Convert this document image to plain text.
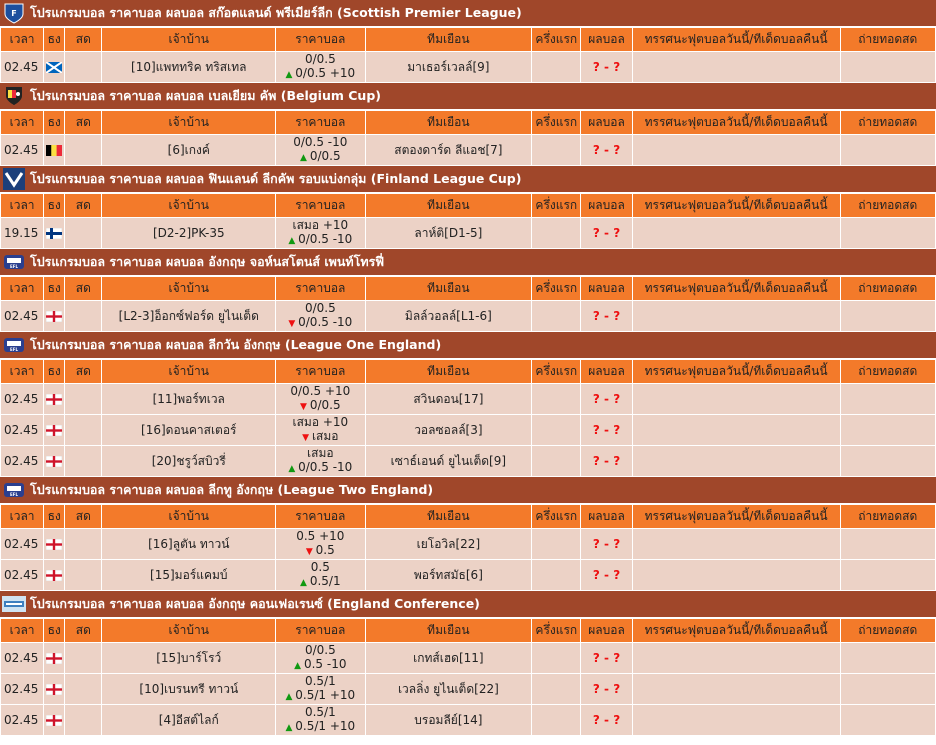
F โปรแกรมบอล ราคาบอล ผลบอล สก๊อตแลนด์ พรีเมียร์ลีก (Scottish Premier League)
เวลา	ธง	สด	เจ้าบ้าน	ราคาบอล	ทีมเยือน	ครึ่งแรก	ผลบอล	ทรรศนะฟุตบอลวันนี้/ทีเด็ดบอลคืนนี้	ถ่ายทอดสด
02.45			[10]แพททริค ทริสเทล	0/0.5
▲ 0/0.5 +10	มาเธอร์เวลล์[9]		? - ?		
โปรแกรมบอล ราคาบอล ผลบอล เบลเยียม คัพ (Belgium Cup)
เวลา	ธง	สด	เจ้าบ้าน	ราคาบอล	ทีมเยือน	ครึ่งแรก	ผลบอล	ทรรศนะฟุตบอลวันนี้/ทีเด็ดบอลคืนนี้	ถ่ายทอดสด
02.45			[6]เกงค์	0/0.5 -10
▲ 0/0.5	สตองดาร์ด ลีแอช[7]		? - ?		
โปรแกรมบอล ราคาบอล ผลบอล ฟินแลนด์ ลีกคัพ รอบแบ่งกลุ่ม (Finland League Cup)
เวลา	ธง	สด	เจ้าบ้าน	ราคาบอล	ทีมเยือน	ครึ่งแรก	ผลบอล	ทรรศนะฟุตบอลวันนี้/ทีเด็ดบอลคืนนี้	ถ่ายทอดสด
19.15			[D2-2]PK-35	เสมอ +10
▲ 0/0.5 -10	ลาห์ติ[D1-5]		? - ?		
EFL โปรแกรมบอล ราคาบอล ผลบอล อังกฤษ จอห์นสโตนส์ เพนท์โทรฟี่
เวลา	ธง	สด	เจ้าบ้าน	ราคาบอล	ทีมเยือน	ครึ่งแรก	ผลบอล	ทรรศนะฟุตบอลวันนี้/ทีเด็ดบอลคืนนี้	ถ่ายทอดสด
02.45			[L2-3]อ็อกซ์ฟอร์ด ยูไนเต็ด	0/0.5
▼ 0/0.5 -10	มิลล์วอลล์[L1-6]		? - ?		
EFL โปรแกรมบอล ราคาบอล ผลบอล ลีกวัน อังกฤษ (League One England)
เวลา	ธง	สด	เจ้าบ้าน	ราคาบอล	ทีมเยือน	ครึ่งแรก	ผลบอล	ทรรศนะฟุตบอลวันนี้/ทีเด็ดบอลคืนนี้	ถ่ายทอดสด
02.45			[11]พอร์ทเวล	0/0.5 +10
▼ 0/0.5	สวินดอน[17]		? - ?		
02.45			[16]ดอนคาสเตอร์	เสมอ +10
▼ เสมอ	วอลซอลล์[3]		? - ?		
02.45			[20]ชรูว์สบิวรี่	เสมอ
▲ 0/0.5 -10	เซาธ์เอนด์ ยูไนเต็ด[9]		? - ?		
EFL โปรแกรมบอล ราคาบอล ผลบอล ลีกทู อังกฤษ (League Two England)
เวลา	ธง	สด	เจ้าบ้าน	ราคาบอล	ทีมเยือน	ครึ่งแรก	ผลบอล	ทรรศนะฟุตบอลวันนี้/ทีเด็ดบอลคืนนี้	ถ่ายทอดสด
02.45			[16]ลูตัน ทาวน์	0.5 +10
▼ 0.5	เยโอวิล[22]		? - ?		
02.45			[15]มอร์แคมบ์	0.5
▲ 0.5/1	พอร์ทสมัธ[6]		? - ?		
โปรแกรมบอล ราคาบอล ผลบอล อังกฤษ คอนเฟอเรนซ์ (England Conference)
เวลา	ธง	สด	เจ้าบ้าน	ราคาบอล	ทีมเยือน	ครึ่งแรก	ผลบอล	ทรรศนะฟุตบอลวันนี้/ทีเด็ดบอลคืนนี้	ถ่ายทอดสด
02.45			[15]บาร์โรว์	0/0.5
▲ 0.5 -10	เกทส์เฮด[11]		? - ?		
02.45			[10]เบรนทรี ทาวน์	0.5/1
▲ 0.5/1 +10	เวลลิ่ง ยูไนเต็ด[22]		? - ?		
02.45			[4]อีสต์ไลก์	0.5/1
▲ 0.5/1 +10	บรอมลีย์[14]		? - ?		
